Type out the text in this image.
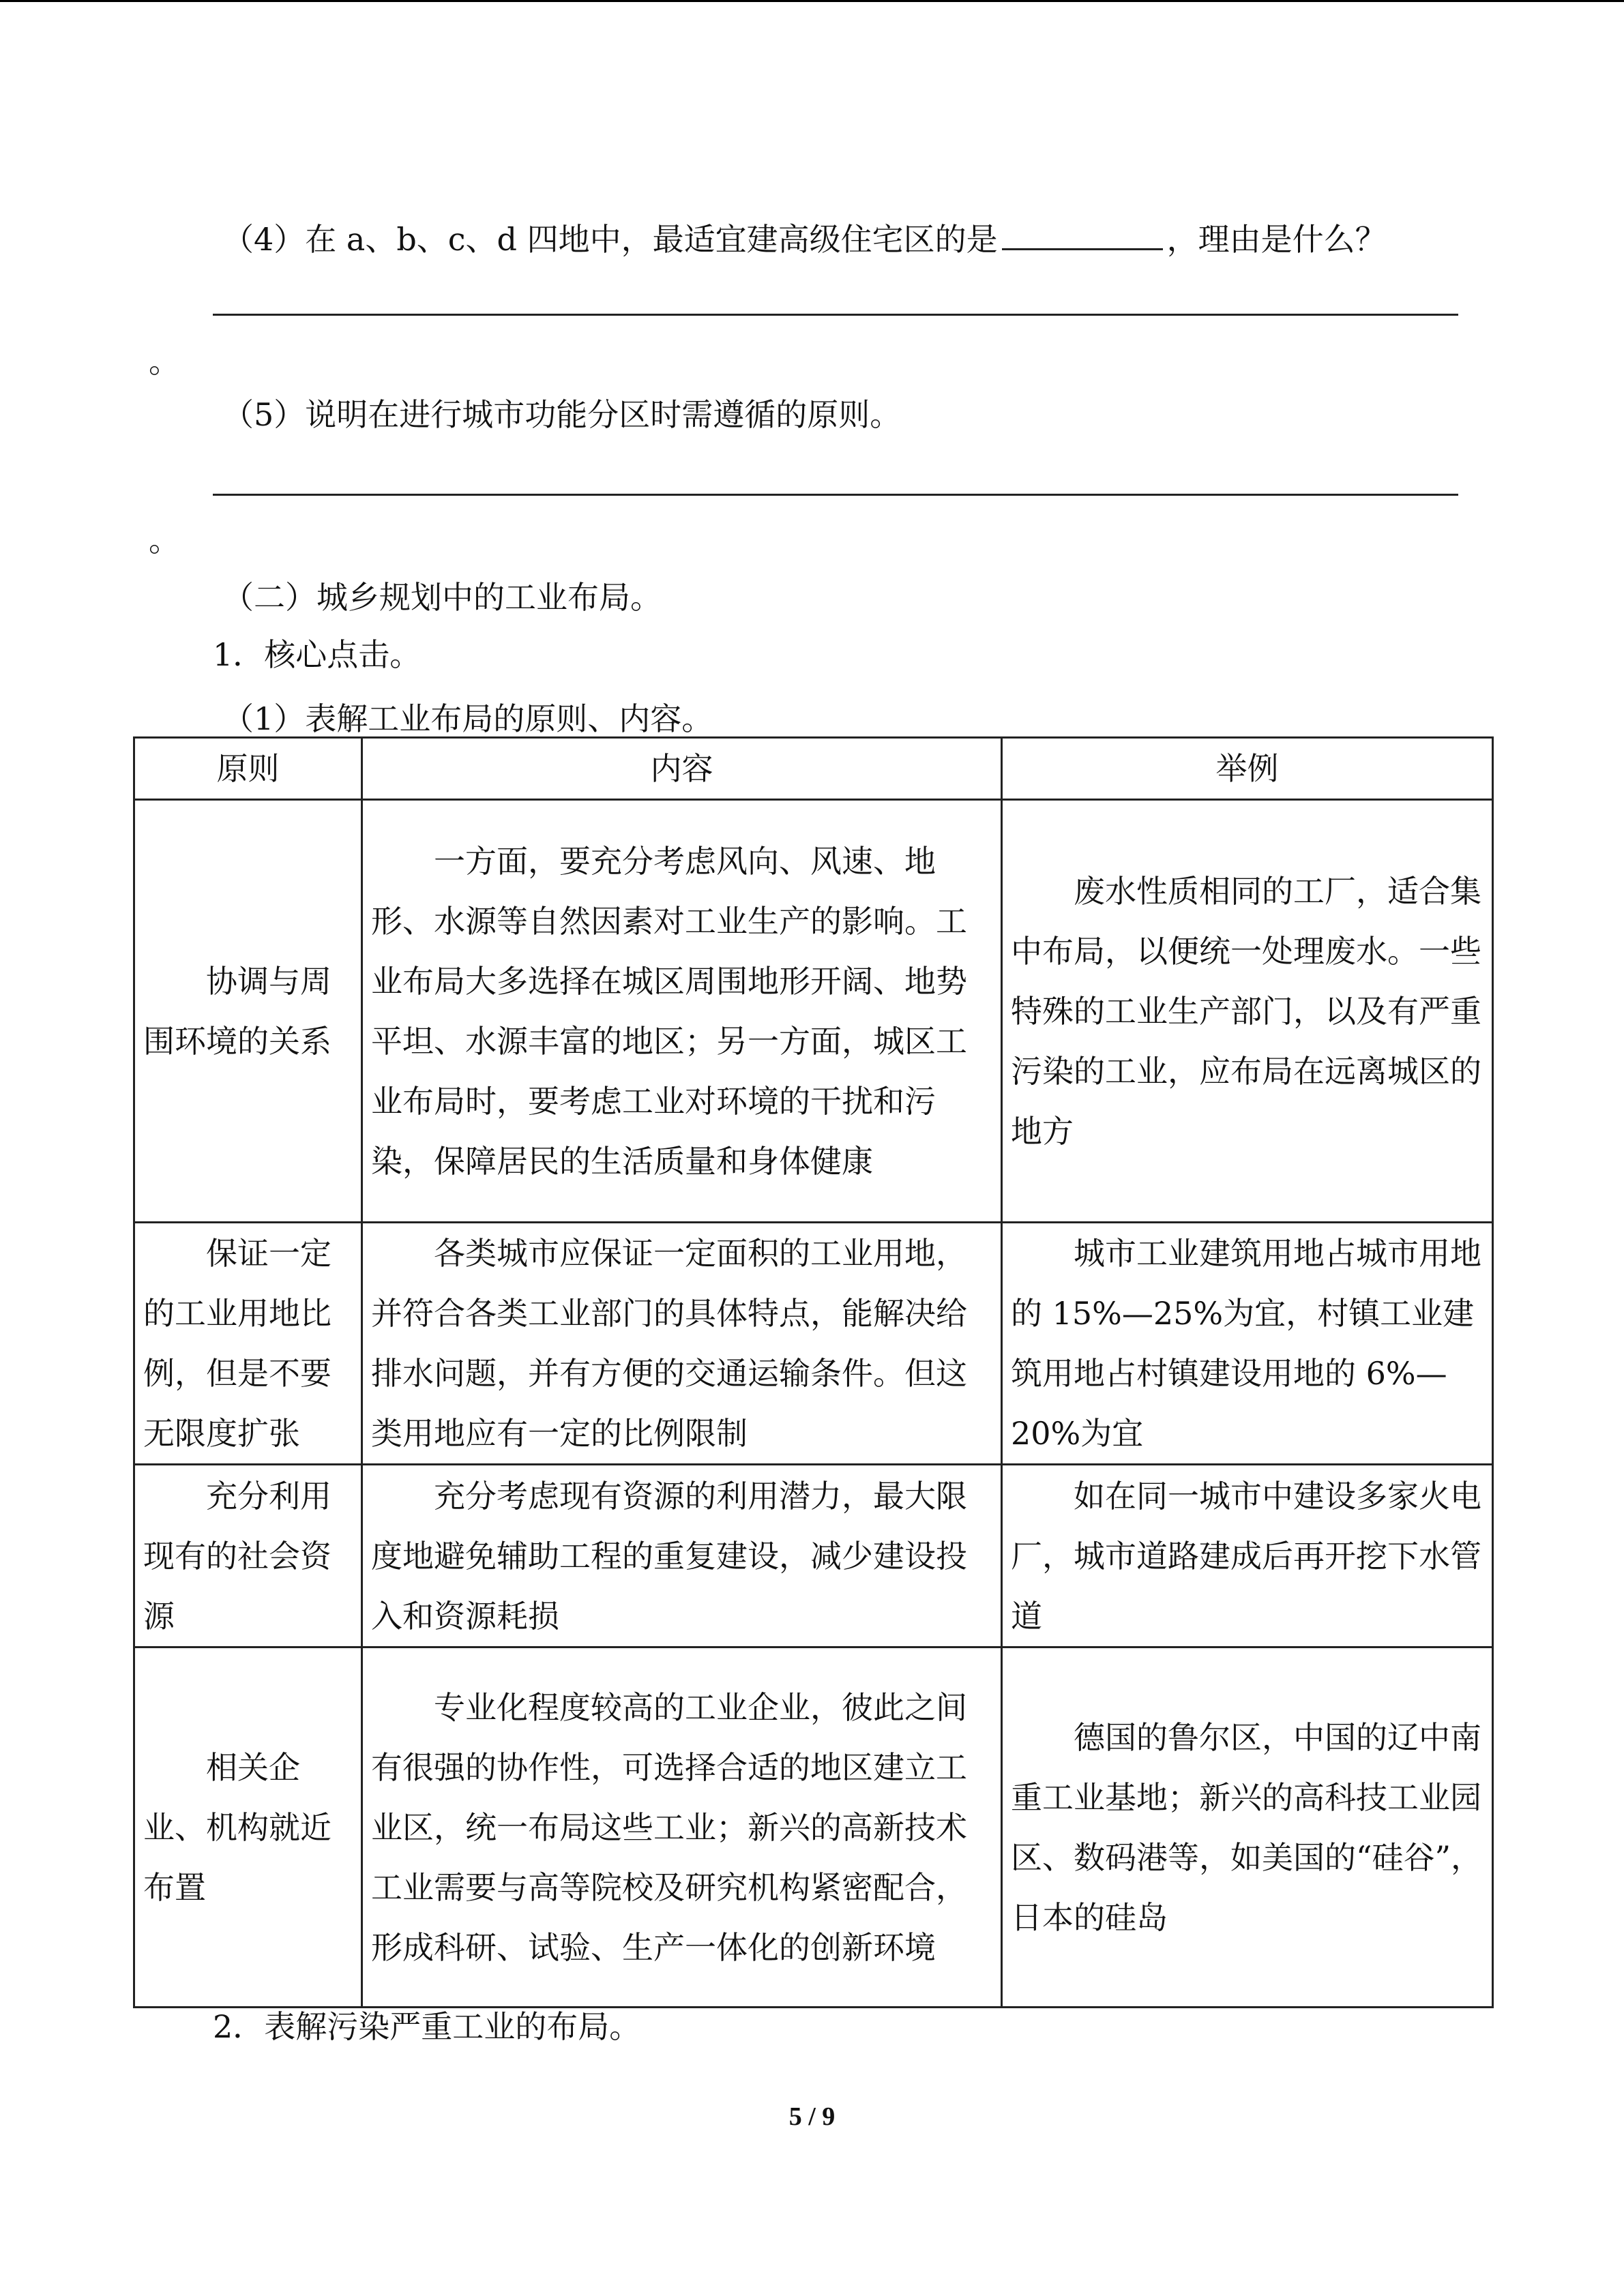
（4）在 a、b、c、d 四地中，最适宜建高级住宅区的是	，理由是什么？
。
（5）说明在进行城市功能分区时需遵循的原则。
。
（二）城乡规划中的工业布局。
1．核心点击。
（1）表解工业布局的原则、内容。
原则	内容	举例
协调与周围环境的关系	一方面，要充分考虑风向、风速、地形、水源等自然因素对工业生产的影响。工业布局大多选择在城区周围地形开阔、地势平坦、水源丰富的地区；另一方面，城区工业布局时，要考虑工业对环境的干扰和污染，保障居民的生活质量和身体健康	废水性质相同的工厂，适合集中布局，以便统一处理废水。一些特殊的工业生产部门，以及有严重污染的工业，应布局在远离城区的地方
保证一定的工业用地比例，但是不要无限度扩张	各类城市应保证一定面积的工业用地，并符合各类工业部门的具体特点，能解决给排水问题，并有方便的交通运输条件。但这类用地应有一定的比例限制	城市工业建筑用地占城市用地的 15%—25%为宜，村镇工业建筑用地占村镇建设用地的 6%—20%为宜
充分利用现有的社会资源	充分考虑现有资源的利用潜力，最大限度地避免辅助工程的重复建设，减少建设投入和资源耗损	如在同一城市中建设多家火电厂，城市道路建成后再开挖下水管道
相关企业、机构就近布置	专业化程度较高的工业企业，彼此之间有很强的协作性，可选择合适的地区建立工业区，统一布局这些工业；新兴的高新技术工业需要与高等院校及研究机构紧密配合，形成科研、试验、生产一体化的创新环境	德国的鲁尔区，中国的辽中南重工业基地；新兴的高科技工业园区、数码港等，如美国的“硅谷”，日本的硅岛
2．表解污染严重工业的布局。
5 / 9
